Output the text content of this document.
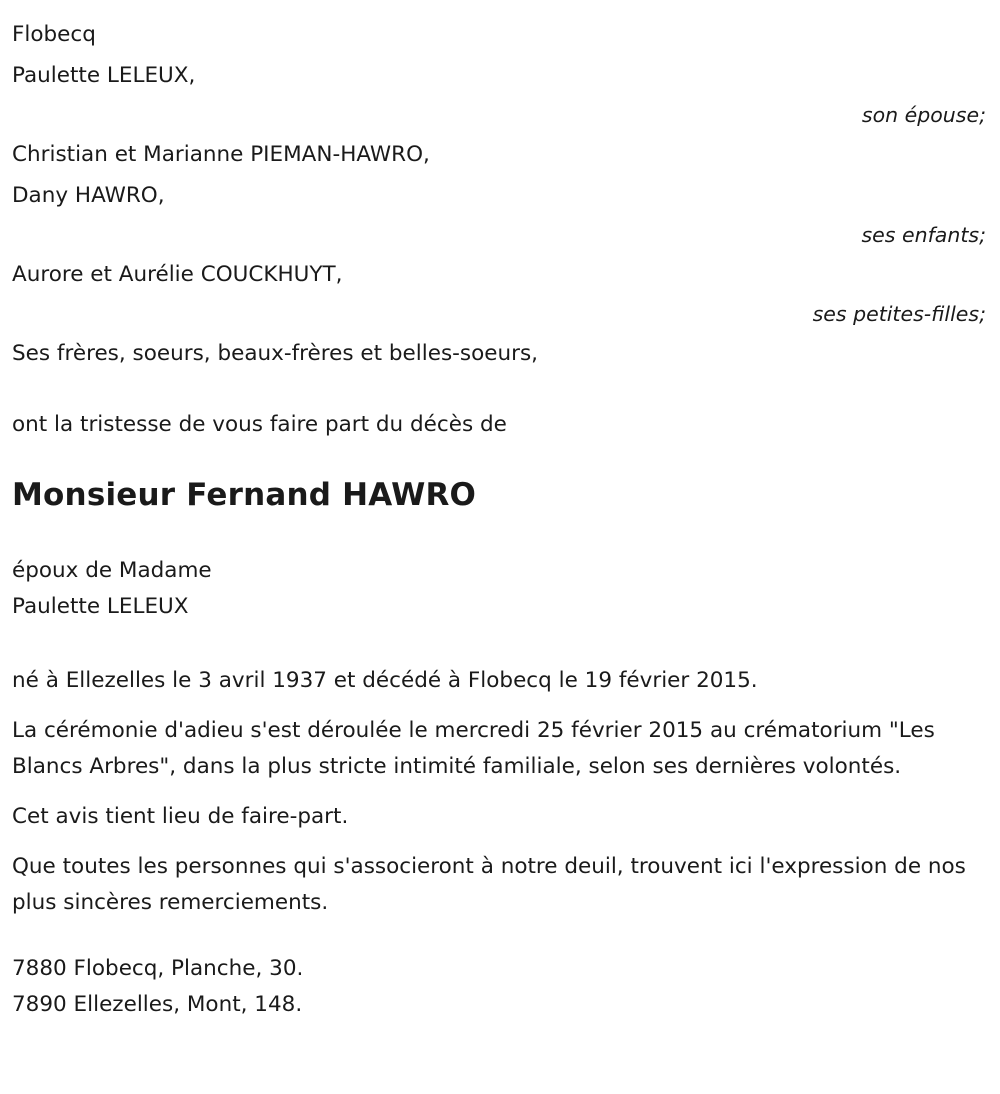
Flobecq
Paulette LELEUX,
son épouse;
Christian et Marianne PIEMAN-HAWRO,
Dany HAWRO,
ses enfants;
Aurore et Aurélie COUCKHUYT,
ses petites-filles;
Ses frères, soeurs, beaux-frères et belles-soeurs,
ont la tristesse de vous faire part du décès de
Monsieur Fernand HAWRO
époux de Madame
Paulette LELEUX

né à Ellezelles le 3 avril 1937 et décédé à Flobecq le 19 février 2015.

La cérémonie d'adieu s'est déroulée le mercredi 25 février 2015 au crématorium "Les Blancs Arbres", dans la plus stricte intimité familiale, selon ses dernières volontés.

Cet avis tient lieu de faire-part.

Que toutes les personnes qui s'associeront à notre deuil, trouvent ici l'expression de nos plus sincères remerciements.

7880 Flobecq, Planche, 30.
7890 Ellezelles, Mont, 148.
